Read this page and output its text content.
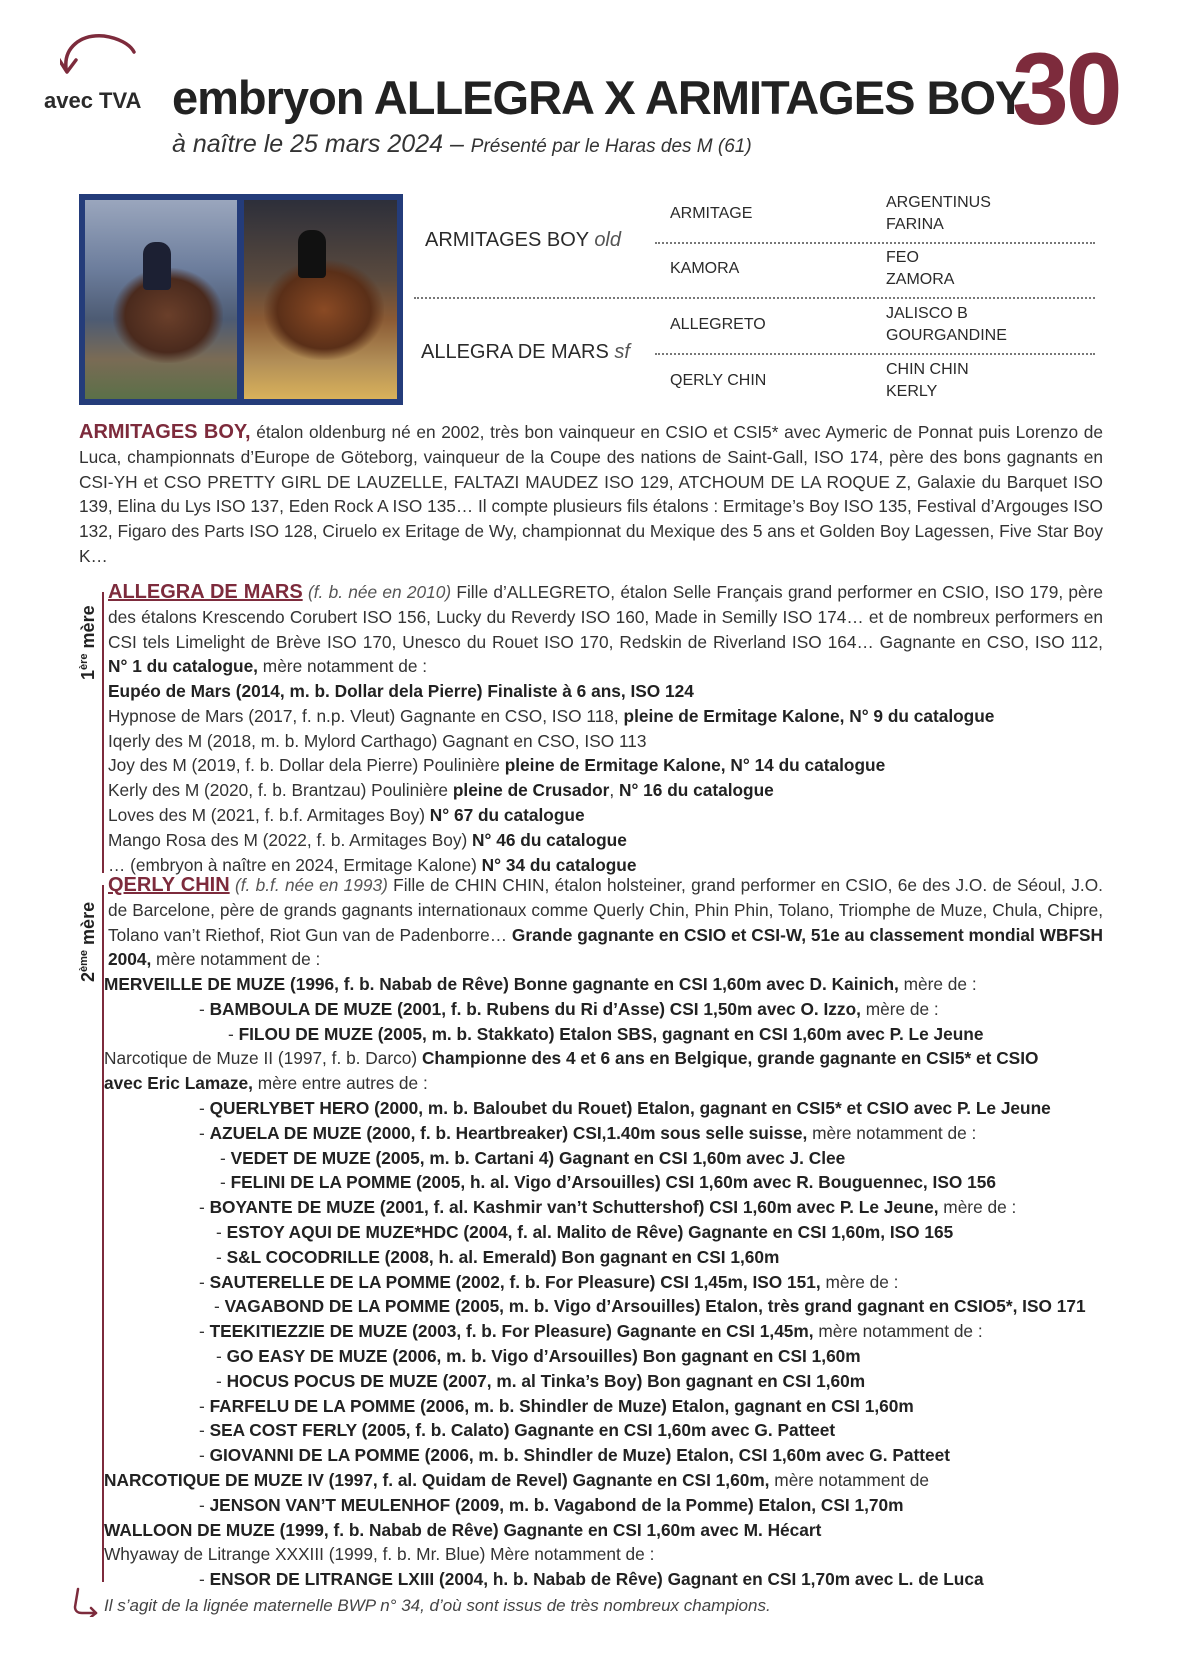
avec TVA embryon ALLEGRA X ARMITAGES BOY
30
à naître le 25 mars 2024 – Présenté par le Haras des M (61)
ARMITAGES BOY old
ALLEGRA DE MARS sf
ARMITAGE
KAMORA
ALLEGRETO
QERLY CHIN
ARGENTINUS
FARINA
FEO
ZAMORA
JALISCO B
GOURGANDINE
CHIN CHIN
KERLY
ARMITAGES BOY, étalon oldenburg né en 2002, très bon vainqueur en CSIO et CSI5* avec Aymeric de Ponnat puis Lorenzo de Luca, championnats d’Europe de Göteborg, vainqueur de la Coupe des nations de Saint-Gall, ISO 174, père des bons gagnants en CSI-YH et CSO PRETTY GIRL DE LAUZELLE, FALTAZI MAUDEZ ISO 129, ATCHOUM DE LA ROQUE Z, Galaxie du Barquet ISO 139, Elina du Lys ISO 137, Eden Rock A ISO 135… Il compte plusieurs fils étalons : Ermitage’s Boy ISO 135, Festival d’Argouges ISO 132, Figaro des Parts ISO 128, Ciruelo ex Eritage de Wy, championnat du Mexique des 5 ans et Golden Boy Lagessen, Five Star Boy K…
1ère mère
ALLEGRA DE MARS (f. b. née en 2010) Fille d’ALLEGRETO, étalon Selle Français grand performer en CSIO, ISO 179, père des étalons Krescendo Corubert ISO 156, Lucky du Reverdy ISO 160, Made in Semilly ISO 174… et de nombreux performers en CSI tels Limelight de Brève ISO 170, Unesco du Rouet ISO 170, Redskin de Riverland ISO 164… Gagnante en CSO, ISO 112, N° 1 du catalogue, mère notamment de :
Eupéo de Mars (2014, m. b. Dollar dela Pierre) Finaliste à 6 ans, ISO 124
Hypnose de Mars (2017, f. n.p. Vleut) Gagnante en CSO, ISO 118, pleine de Ermitage Kalone, N° 9 du catalogue
Iqerly des M (2018, m. b. Mylord Carthago) Gagnant en CSO, ISO 113
Joy des M (2019, f. b. Dollar dela Pierre) Poulinière pleine de Ermitage Kalone, N° 14 du catalogue
Kerly des M (2020, f. b. Brantzau) Poulinière pleine de Crusador, N° 16 du catalogue
Loves des M (2021, f. b.f. Armitages Boy) N° 67 du catalogue
Mango Rosa des M (2022, f. b. Armitages Boy) N° 46 du catalogue
… (embryon à naître en 2024, Ermitage Kalone) N° 34 du catalogue
2ème mère
QERLY CHIN (f. b.f. née en 1993) Fille de CHIN CHIN, étalon holsteiner, grand performer en CSIO, 6e des J.O. de Séoul, J.O. de Barcelone, père de grands gagnants internationaux comme Querly Chin, Phin Phin, Tolano, Triomphe de Muze, Chula, Chipre, Tolano van’t Riethof, Riot Gun van de Padenborre… Grande gagnante en CSIO et CSI-W, 51e au classement mondial WBFSH 2004, mère notamment de :
MERVEILLE DE MUZE (1996, f. b. Nabab de Rêve) Bonne gagnante en CSI 1,60m avec D. Kainich, mère de :
- BAMBOULA DE MUZE (2001, f. b. Rubens du Ri d’Asse) CSI 1,50m avec O. Izzo, mère de :
- FILOU DE MUZE (2005, m. b. Stakkato) Etalon SBS, gagnant en CSI 1,60m avec P. Le Jeune
Narcotique de Muze II (1997, f. b. Darco) Championne des 4 et 6 ans en Belgique, grande gagnante en CSI5* et CSIO
avec Eric Lamaze, mère entre autres de :
- QUERLYBET HERO (2000, m. b. Baloubet du Rouet) Etalon, gagnant en CSI5* et CSIO avec P. Le Jeune
- AZUELA DE MUZE (2000, f. b. Heartbreaker) CSI,1.40m sous selle suisse, mère notamment de :
- VEDET DE MUZE (2005, m. b. Cartani 4) Gagnant en CSI 1,60m avec J. Clee
- FELINI DE LA POMME (2005, h. al. Vigo d’Arsouilles) CSI 1,60m avec R. Bouguennec, ISO 156
- BOYANTE DE MUZE (2001, f. al. Kashmir van’t Schuttershof) CSI 1,60m avec P. Le Jeune, mère de :
- ESTOY AQUI DE MUZE*HDC (2004, f. al. Malito de Rêve) Gagnante en CSI 1,60m, ISO 165
- S&L COCODRILLE (2008, h. al. Emerald) Bon gagnant en CSI 1,60m
- SAUTERELLE DE LA POMME (2002, f. b. For Pleasure) CSI 1,45m, ISO 151, mère de :
- VAGABOND DE LA POMME (2005, m. b. Vigo d’Arsouilles) Etalon, très grand gagnant en CSIO5*, ISO 171
- TEEKITIEZZIE DE MUZE (2003, f. b. For Pleasure) Gagnante en CSI 1,45m, mère notamment de :
- GO EASY DE MUZE (2006, m. b. Vigo d’Arsouilles) Bon gagnant en CSI 1,60m
- HOCUS POCUS DE MUZE (2007, m. al Tinka’s Boy) Bon gagnant en CSI 1,60m
- FARFELU DE LA POMME (2006, m. b. Shindler de Muze) Etalon, gagnant en CSI 1,60m
- SEA COST FERLY (2005, f. b. Calato) Gagnante en CSI 1,60m avec G. Patteet
- GIOVANNI DE LA POMME (2006, m. b. Shindler de Muze) Etalon, CSI 1,60m avec G. Patteet
NARCOTIQUE DE MUZE IV (1997, f. al. Quidam de Revel) Gagnante en CSI 1,60m, mère notamment de
- JENSON VAN’T MEULENHOF (2009, m. b. Vagabond de la Pomme) Etalon, CSI 1,70m
WALLOON DE MUZE (1999, f. b. Nabab de Rêve) Gagnante en CSI 1,60m avec M. Hécart
Whyaway de Litrange XXXIII (1999, f. b. Mr. Blue) Mère notamment de :
- ENSOR DE LITRANGE LXIII (2004, h. b. Nabab de Rêve) Gagnant en CSI 1,70m avec L. de Luca
Il s’agit de la lignée maternelle BWP n° 34, d’où sont issus de très nombreux champions.
